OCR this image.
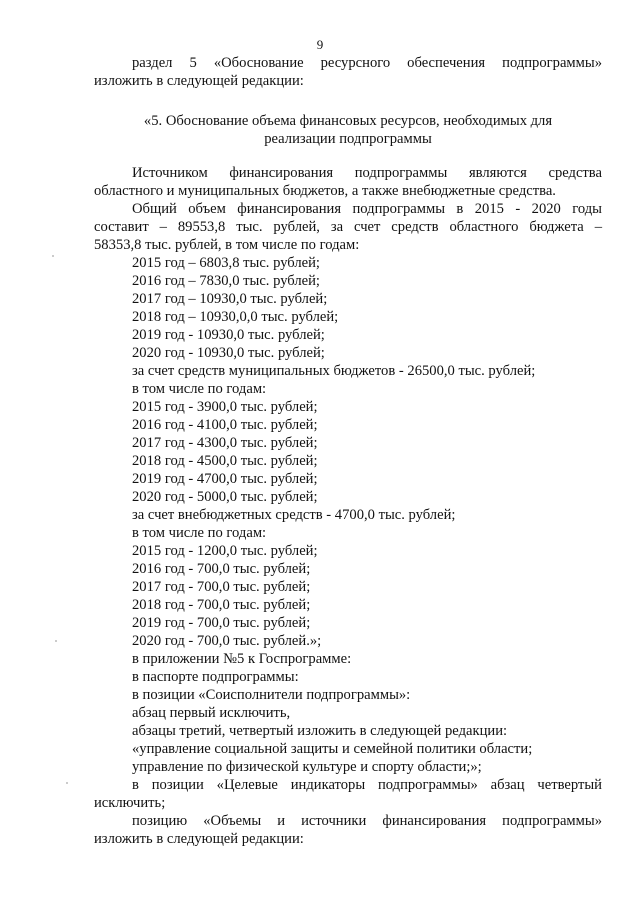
9
раздел 5 «Обоснование ресурсного обеспечения подпрограммы»
изложить в следующей редакции:
«5. Обоснование объема финансовых ресурсов, необходимых для
реализации подпрограммы
Источником финансирования подпрограммы являются средства
областного и муниципальных бюджетов, а также внебюджетные средства.
Общий объем финансирования подпрограммы в 2015 - 2020 годы
составит – 89553,8 тыс. рублей, за счет средств областного бюджета –
58353,8 тыс. рублей, в том числе по годам:
2015 год – 6803,8 тыс. рублей;
2016 год – 7830,0 тыс. рублей;
2017 год – 10930,0 тыс. рублей;
2018 год – 10930,0,0 тыс. рублей;
2019 год - 10930,0 тыс. рублей;
2020 год - 10930,0 тыс. рублей;
за счет средств муниципальных бюджетов - 26500,0 тыс. рублей;
в том числе по годам:
2015 год - 3900,0 тыс. рублей;
2016 год - 4100,0 тыс. рублей;
2017 год - 4300,0 тыс. рублей;
2018 год - 4500,0 тыс. рублей;
2019 год - 4700,0 тыс. рублей;
2020 год - 5000,0 тыс. рублей;
за счет внебюджетных средств - 4700,0 тыс. рублей;
в том числе по годам:
2015 год - 1200,0 тыс. рублей;
2016 год - 700,0 тыс. рублей;
2017 год - 700,0 тыс. рублей;
2018 год - 700,0 тыс. рублей;
2019 год - 700,0 тыс. рублей;
2020 год - 700,0 тыс. рублей.»;
в приложении №5 к Госпрограмме:
в паспорте подпрограммы:
в позиции «Соисполнители подпрограммы»:
абзац первый исключить,
абзацы третий, четвертый изложить в следующей редакции:
«управление социальной защиты и семейной политики области;
управление по физической культуре и спорту области;»;
в позиции «Целевые индикаторы подпрограммы» абзац четвертый
исключить;
позицию «Объемы и источники финансирования подпрограммы»
изложить в следующей редакции:
